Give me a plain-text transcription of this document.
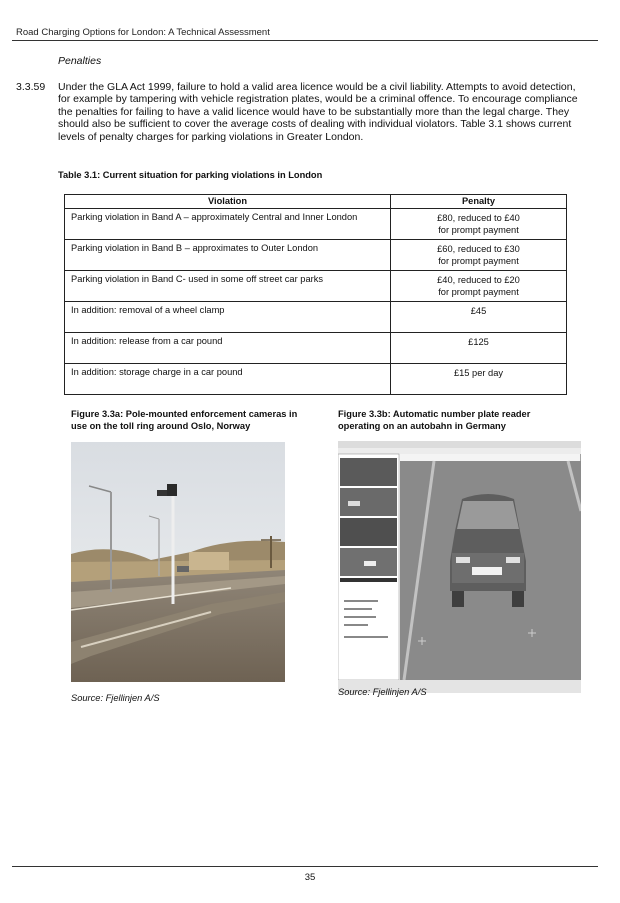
Road Charging Options for London: A Technical Assessment
Penalties
3.3.59 Under the GLA Act 1999, failure to hold a valid area licence would be a civil liability. Attempts to avoid detection, for example by tampering with vehicle registration plates, would be a criminal offence. To encourage compliance the penalties for failing to have a valid licence would have to be substantially more than the legal charge. They should also be sufficient to cover the average costs of dealing with individual violators. Table 3.1 shows current levels of penalty charges for parking violations in Greater London.
Table 3.1: Current situation for parking violations in London
Violation	Penalty
Parking violation in Band A – approximately Central and Inner London	£80, reduced to £40
for prompt payment

Parking violation in Band B – approximates to Outer London	£60, reduced to £30
for prompt payment

Parking violation in Band C- used in some off street car parks	£40, reduced to £20
for prompt payment

In addition: removal of a wheel clamp	£45

In addition: release from a car pound	£125

In addition: storage charge in a car pound	£15 per day
Figure 3.3a: Pole-mounted enforcement cameras in
use on the toll ring around Oslo, Norway
Source: Fjellinjen A/S
Figure 3.3b: Automatic number plate reader
operating on an autobahn in Germany
Source: Fjellinjen A/S
35
